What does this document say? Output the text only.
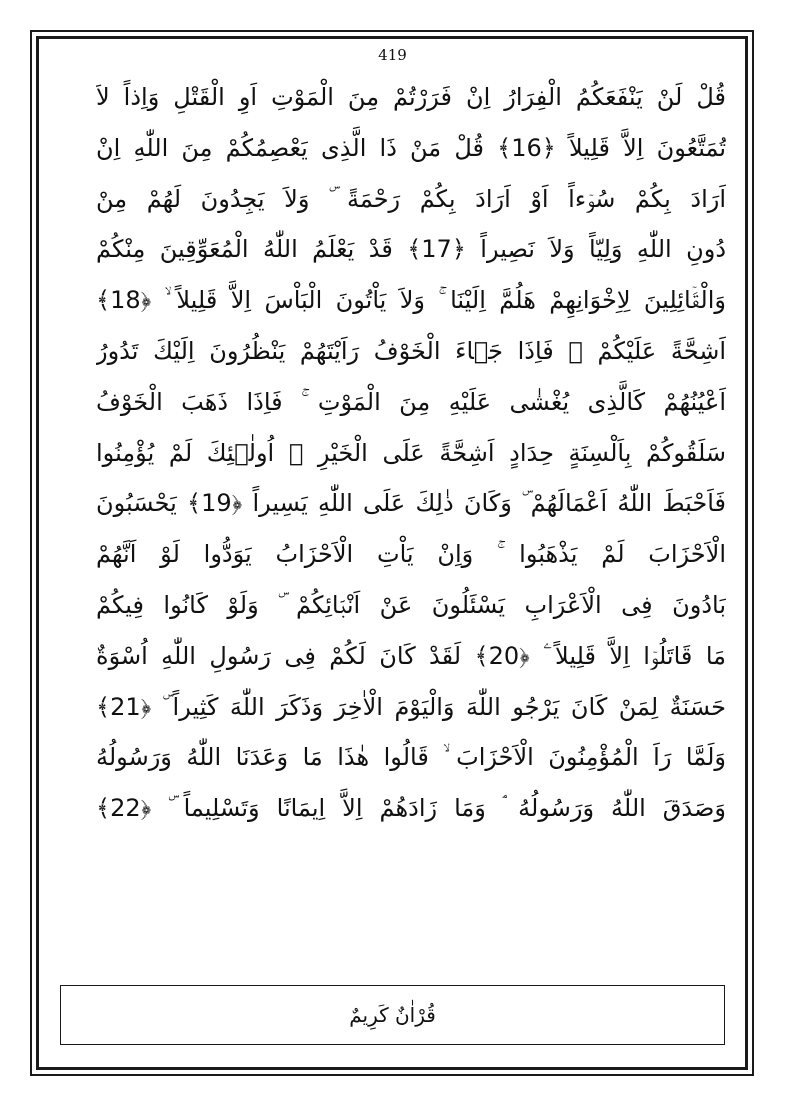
419
قُلْ لَنْ يَنْفَعَكُمُ الْفِرَارُ اِنْ فَرَرْتُمْ مِنَ الْمَوْتِ اَوِ الْقَتْلِ وَاِذاً لاَ
تُمَتَّعُونَ اِلاَّ قَلِيلاً ﴿16﴾ قُلْ مَنْ ذَا الَّذِى يَعْصِمُكُمْ مِنَ اللّٰهِ اِنْ
اَرَادَ بِكُمْ سُوۤءاً اَوْ اَرَادَ بِكُمْ رَحْمَةً ۜ وَلاَ يَجِدُونَ لَهُمْ مِنْ
دُونِ اللّٰهِ وَلِيّاً وَلاَ نَصِيراً ﴿17﴾ قَدْ يَعْلَمُ اللّٰهُ الْمُعَوِّقِينَ مِنْكُمْ
وَالْقَۤائِلِينَ لِاِخْوَانِهِمْ هَلُمَّ اِلَيْنَا ۚ وَلاَ يَاْتُونَ الْبَاْسَ اِلاَّ قَلِيلاً ۙ ﴿18﴾
اَشِحَّةً عَلَيْكُمْ ۚ فَاِذَا جَۤاءَ الْخَوْفُ رَاَيْتَهُمْ يَنْظُرُونَ اِلَيْكَ تَدُورُ
اَعْيُنُهُمْ كَالَّذِى يُغْشٰى عَلَيْهِ مِنَ الْمَوْتِ ۚ فَاِذَا ذَهَبَ الْخَوْفُ
سَلَقُوكُمْ بِاَلْسِنَةٍ حِدَادٍ اَشِحَّةً عَلَى الْخَيْرِ ۜ اُولٰۤئِكَ لَمْ يُؤْمِنُوا
فَاَحْبَطَ اللّٰهُ اَعْمَالَهُمْ ۜ وَكَانَ ذٰلِكَ عَلَى اللّٰهِ يَسِيراً ﴿19﴾ يَحْسَبُونَ
الْاَحْزَابَ لَمْ يَذْهَبُوا ۚ وَاِنْ يَاْتِ الْاَحْزَابُ يَوَدُّوا لَوْ اَنَّهُمْ
بَادُونَ فِى الْاَعْرَابِ يَسْئَلُونَ عَنْ اَنْبَۤائِكُمْ ۜ وَلَوْ كَانُوا فِيكُمْ
مَا قَاتَلُوۤا اِلاَّ قَلِيلاً ۧ ﴿20﴾ لَقَدْ كَانَ لَكُمْ فِى رَسُولِ اللّٰهِ اُسْوَةٌ
حَسَنَةٌ لِمَنْ كَانَ يَرْجُو اللّٰهَ وَالْيَوْمَ الْاٰخِرَ وَذَكَرَ اللّٰهَ كَثِيراً ۜ ﴿21﴾
وَلَمَّا رَاَ الْمُؤْمِنُونَ الْاَحْزَابَ ۙ قَالُوا هٰذَا مَا وَعَدَنَا اللّٰهُ وَرَسُولُهُ
وَصَدَقَ اللّٰهُ وَرَسُولُهُ ۘ وَمَا زَادَهُمْ اِلاَّ اِيمَانًا وَتَسْلِيماً ۜ ﴿22﴾
قُرْاٰنٌ كَرِيمٌ
